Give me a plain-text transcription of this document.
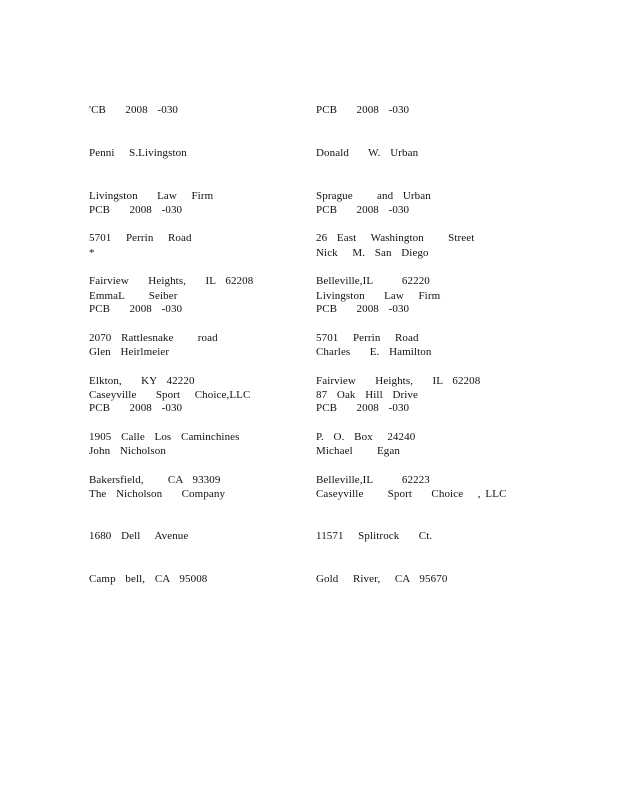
'CB    2008  -030

Penni   S.Livingston

Livingston    Law   Firm

5701   Perrin   Road

Fairview    Heights,    IL  62208

PCB    2008  -030

Donald    W.  Urban

Sprague     and  Urban

26  East   Washington     Street

Belleville,IL      62220

PCB    2008  -030

*

EmmaL     Seiber

2070  Rattlesnake     road

Elkton,    KY  42220

PCB    2008  -030

Nick   M.  San  Diego

Livingston    Law   Firm

5701   Perrin   Road

Fairview    Heights,    IL  62208

PCB    2008  -030

Glen  Heirlmeier

Caseyville    Sport   Choice,LLC

1905  Calle  Los  Caminchines

Bakersfield,     CA  93309

PCB    2008  -030

Charles    E.  Hamilton

87  Oak  Hill  Drive

P.  O.  Box   24240

Belleville,IL      62223

PCB    2008  -030

John  Nicholson

The  Nicholson    Company

1680  Dell   Avenue

Camp  bell,  CA  95008

PCB    2008  -030

Michael     Egan

Caseyville     Sport    Choice   , LLC

11571   Splitrock    Ct.

Gold   River,   CA  95670
